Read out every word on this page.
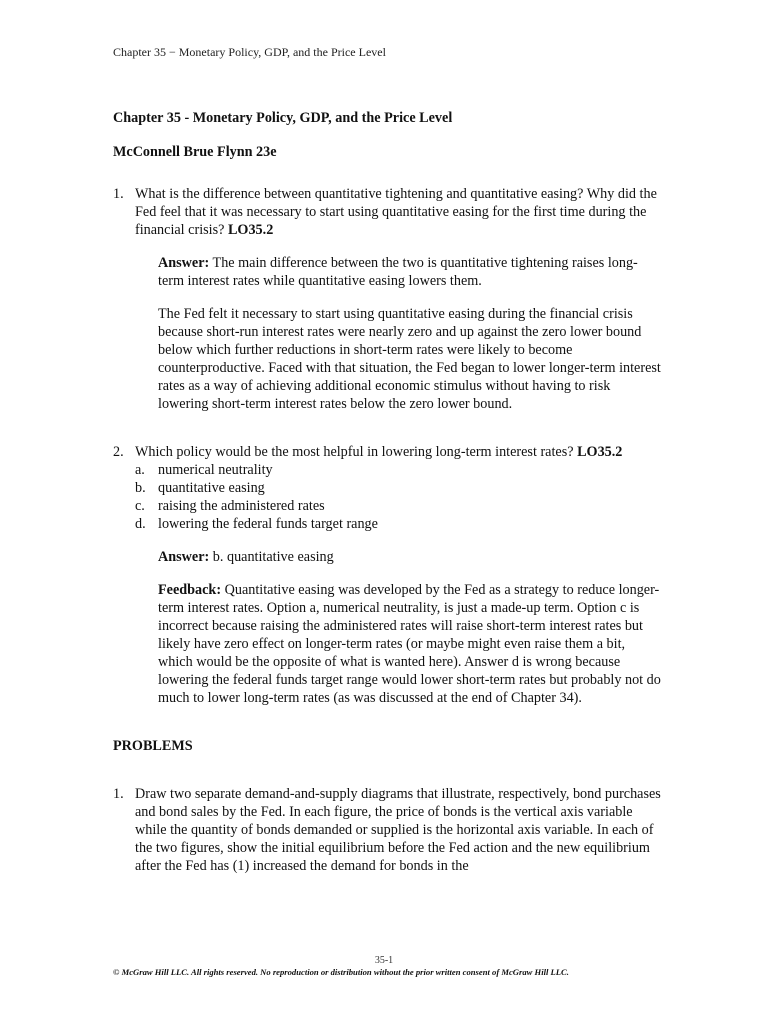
Chapter 35 − Monetary Policy, GDP, and the Price Level
Chapter 35 - Monetary Policy, GDP, and the Price Level
McConnell Brue Flynn 23e
1. What is the difference between quantitative tightening and quantitative easing? Why did the Fed feel that it was necessary to start using quantitative easing for the first time during the financial crisis? LO35.2
Answer: The main difference between the two is quantitative tightening raises long-term interest rates while quantitative easing lowers them.
The Fed felt it necessary to start using quantitative easing during the financial crisis because short-run interest rates were nearly zero and up against the zero lower bound below which further reductions in short-term rates were likely to become counterproductive. Faced with that situation, the Fed began to lower longer-term interest rates as a way of achieving additional economic stimulus without having to risk lowering short-term interest rates below the zero lower bound.
2. Which policy would be the most helpful in lowering long-term interest rates? LO35.2
a. numerical neutrality
b. quantitative easing
c. raising the administered rates
d. lowering the federal funds target range
Answer: b. quantitative easing
Feedback: Quantitative easing was developed by the Fed as a strategy to reduce longer-term interest rates. Option a, numerical neutrality, is just a made-up term. Option c is incorrect because raising the administered rates will raise short-term interest rates but likely have zero effect on longer-term rates (or maybe might even raise them a bit, which would be the opposite of what is wanted here). Answer d is wrong because lowering the federal funds target range would lower short-term rates but probably not do much to lower long-term rates (as was discussed at the end of Chapter 34).
PROBLEMS
1. Draw two separate demand-and-supply diagrams that illustrate, respectively, bond purchases and bond sales by the Fed. In each figure, the price of bonds is the vertical axis variable while the quantity of bonds demanded or supplied is the horizontal axis variable. In each of the two figures, show the initial equilibrium before the Fed action and the new equilibrium after the Fed has (1) increased the demand for bonds in the
35-1
© McGraw Hill LLC. All rights reserved. No reproduction or distribution without the prior written consent of McGraw Hill LLC.
